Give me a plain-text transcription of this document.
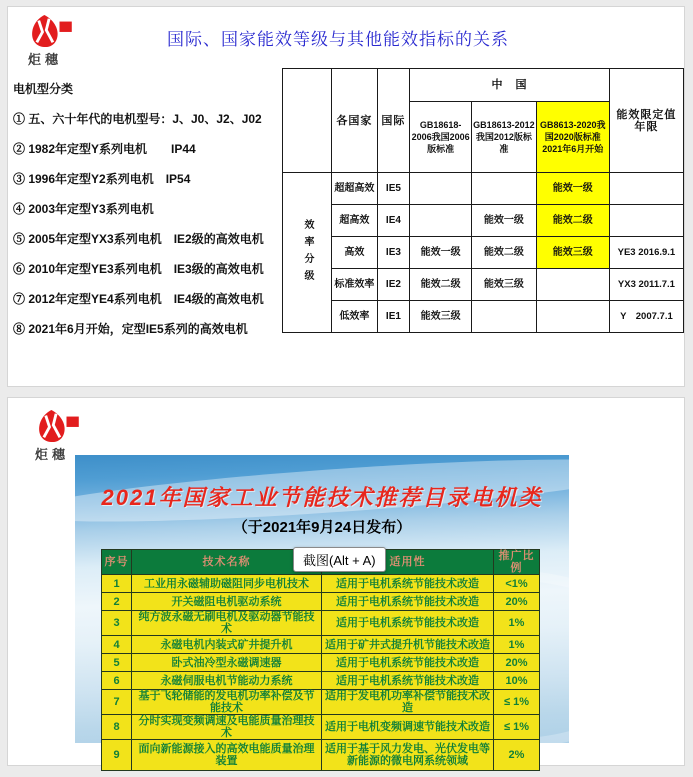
炬穗
国际、国家能效等级与其他能效指标的关系
电机型分类
① 五、六十年代的电机型号：J、J0、J2、J02
② 1982年定型Y系列电机　　IP44
③ 1996年定型Y2系列电机　IP54
④ 2003年定型Y3系列电机
⑤ 2005年定型YX3系列电机　IE2级的高效电机
⑥ 2010年定型YE3系列电机　IE3级的高效电机
⑦ 2012年定型YE4系列电机　IE4级的高效电机
⑧ 2021年6月开始，定型IE5系列的高效电机
	各国家	国际	中　国			能效限定值年限
			GB18618-2006我国2006版标准	GB18613-2012我国2012版标准	GB8613-2020我国2020版标准2021年6月开始	
效率分级	超超高效	IE5			能效一级	
	超高效	IE4		能效一级	能效二级	
	高效	IE3	能效一级	能效二级	能效三级	YE3 2016.9.1
	标准效率	IE2	能效二级	能效三级		YX3 2011.7.1
	低效率	IE1	能效三级			Y　2007.7.1
炬穗
2021年国家工业节能技术推荐目录电机类
（于2021年9月24日发布）
序号	技术名称	适用性	推广比例
1	工业用永磁辅助磁阻同步电机技术	适用于电机系统节能技术改造	<1%
2	开关磁阻电机驱动系统	适用于电机系统节能技术改造	20%
3	纯方波永磁无刷电机及驱动器节能技术	适用于电机系统节能技术改造	1%
4	永磁电机内装式矿井提升机	适用于矿井式提升机节能技术改造	1%
5	卧式油冷型永磁调速器	适用于电机系统节能技术改造	20%
6	永磁伺服电机节能动力系统	适用于电机系统节能技术改造	10%
7	基于飞轮储能的发电机功率补偿及节能技术	适用于发电机功率补偿节能技术改造	≤ 1%
8	分时实现变频调速及电能质量治理技术	适用于电机变频调速节能技术改造	≤ 1%
9	面向新能源接入的高效电能质量治理装置	适用于基于风力发电、光伏发电等新能源的微电网系统领域	2%
截图(Alt + A)
